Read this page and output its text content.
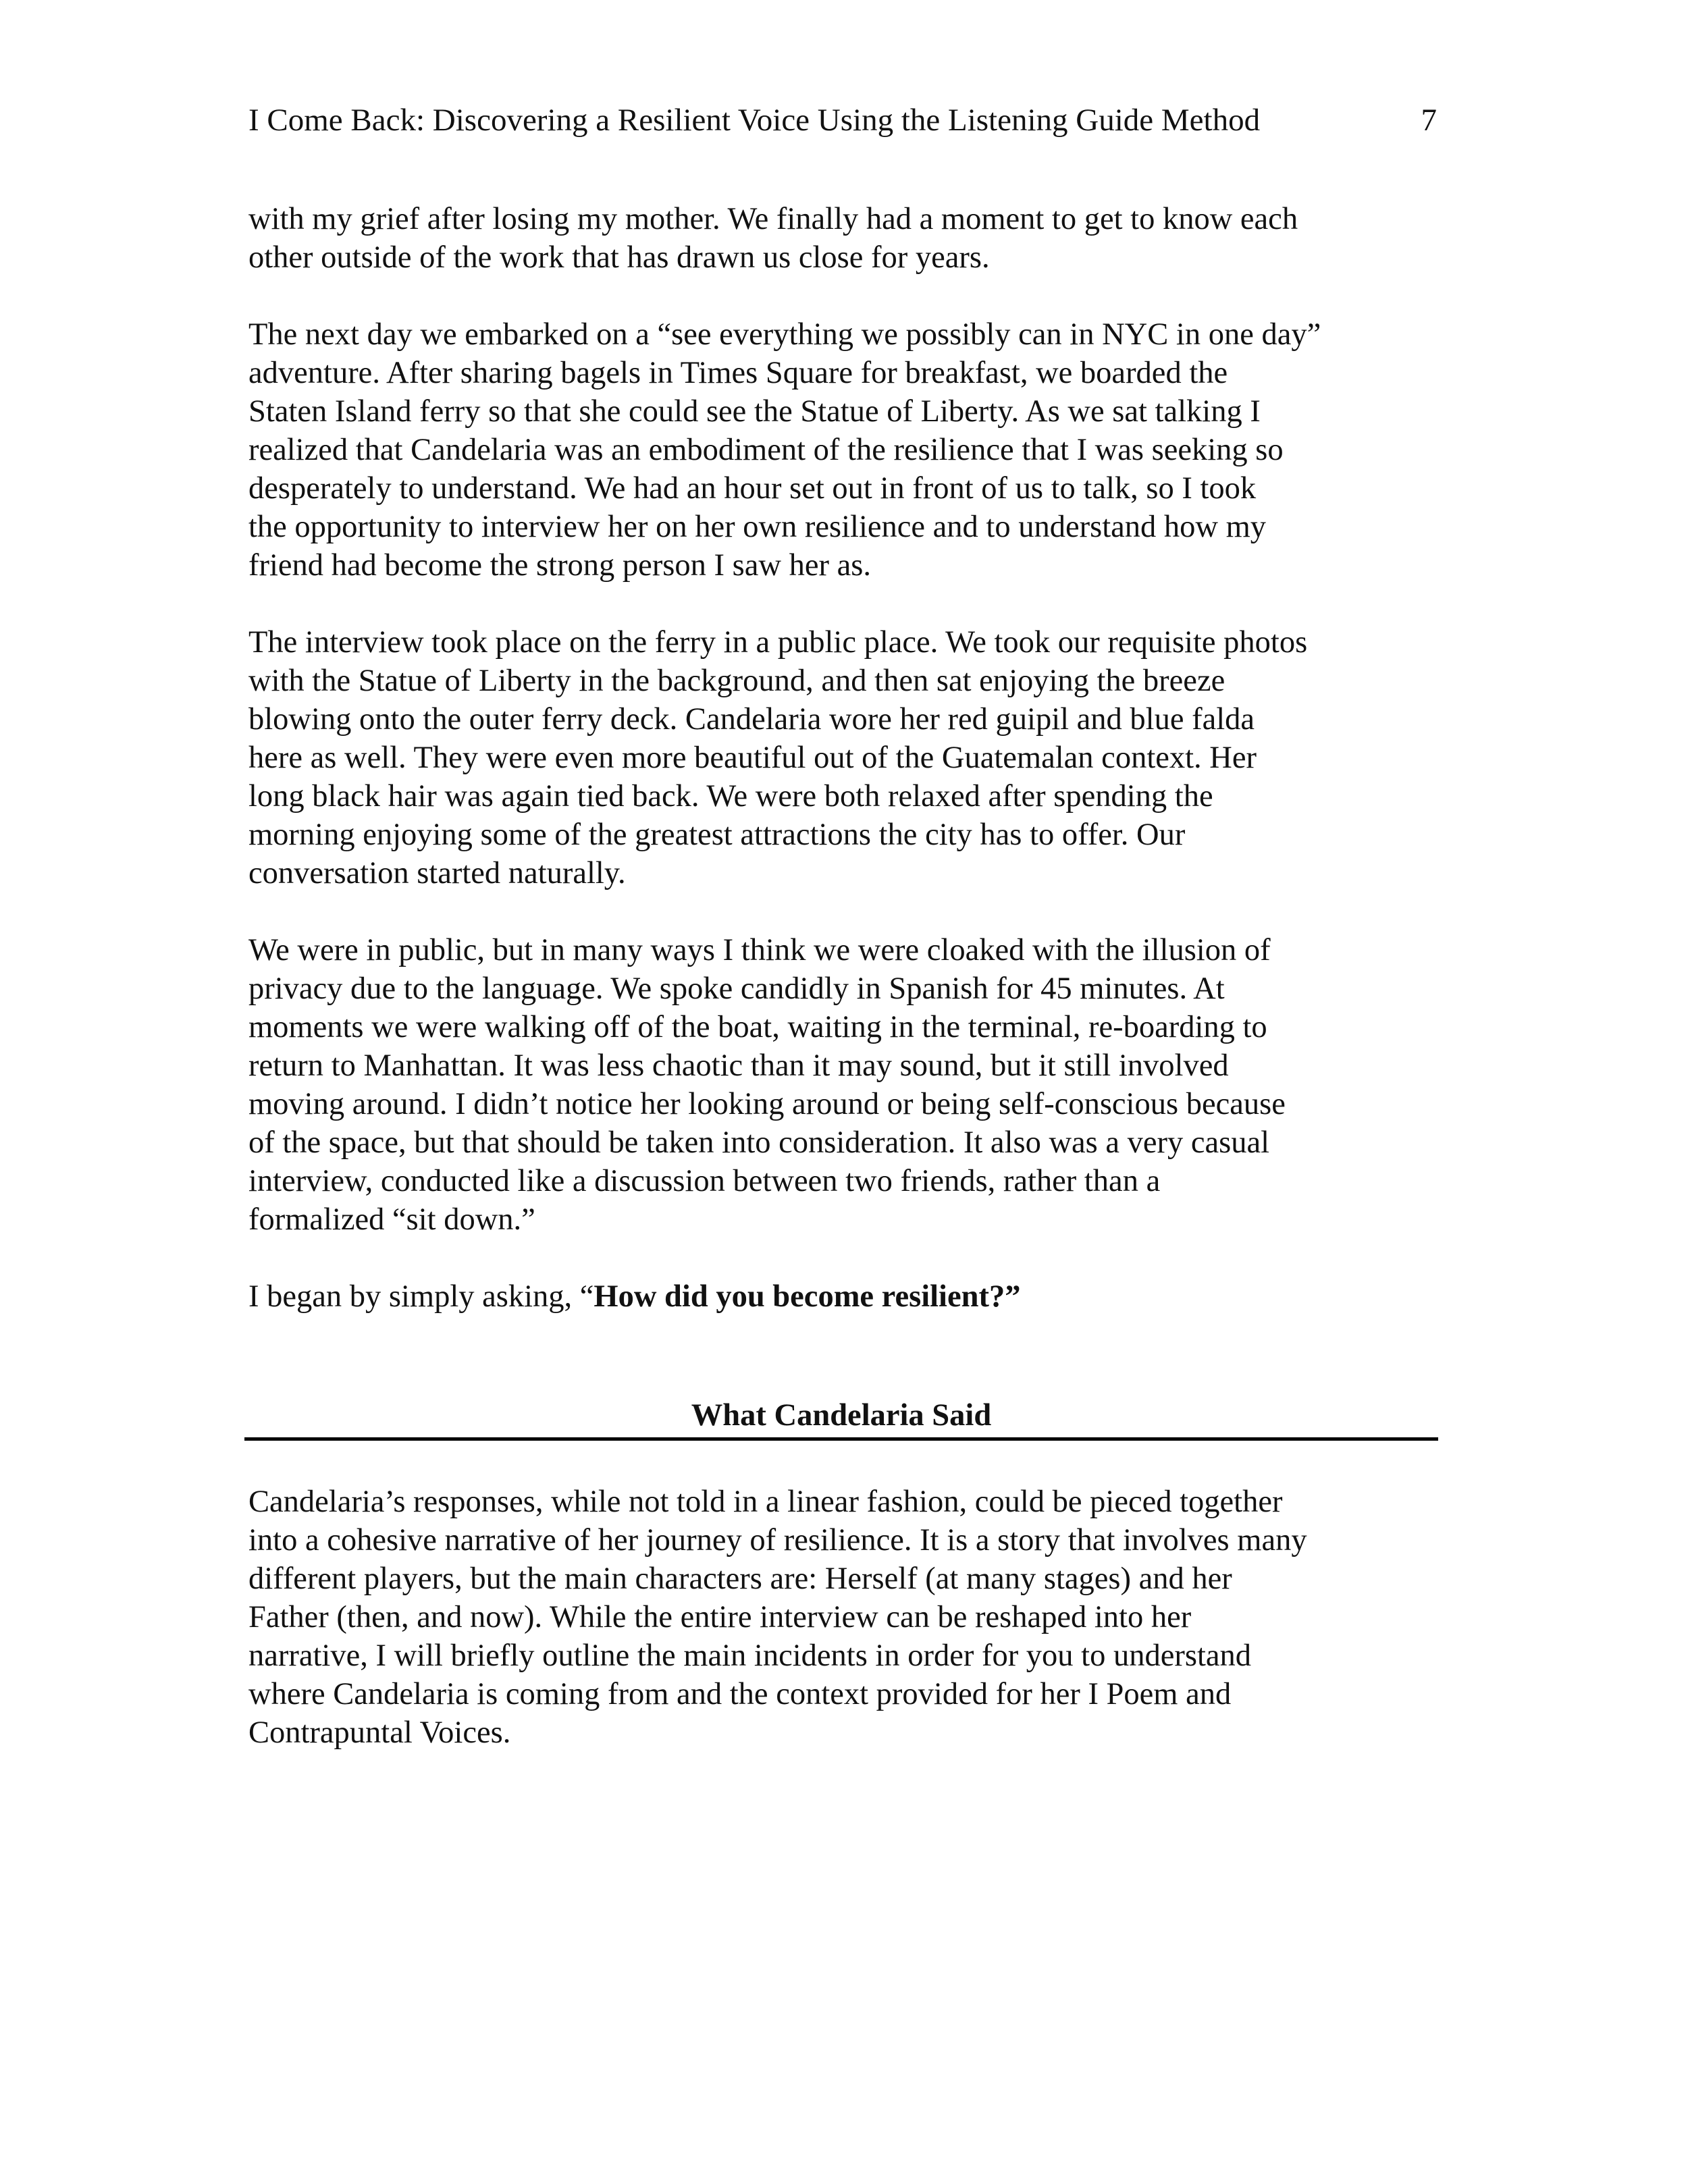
I Come Back: Discovering a Resilient Voice Using the Listening Guide Method	7

with my grief after losing my mother. We finally had a moment to get to know each
other outside of the work that has drawn us close for years.

The next day we embarked on a “see everything we possibly can in NYC in one day”
adventure. After sharing bagels in Times Square for breakfast, we boarded the
Staten Island ferry so that she could see the Statue of Liberty. As we sat talking I
realized that Candelaria was an embodiment of the resilience that I was seeking so
desperately to understand. We had an hour set out in front of us to talk, so I took
the opportunity to interview her on her own resilience and to understand how my
friend had become the strong person I saw her as.

The interview took place on the ferry in a public place. We took our requisite photos
with the Statue of Liberty in the background, and then sat enjoying the breeze
blowing onto the outer ferry deck. Candelaria wore her red guipil and blue falda
here as well. They were even more beautiful out of the Guatemalan context. Her
long black hair was again tied back. We were both relaxed after spending the
morning enjoying some of the greatest attractions the city has to offer. Our
conversation started naturally.

We were in public, but in many ways I think we were cloaked with the illusion of
privacy due to the language. We spoke candidly in Spanish for 45 minutes. At
moments we were walking off of the boat, waiting in the terminal, re-boarding to
return to Manhattan. It was less chaotic than it may sound, but it still involved
moving around. I didn’t notice her looking around or being self-conscious because
of the space, but that should be taken into consideration. It also was a very casual
interview, conducted like a discussion between two friends, rather than a
formalized “sit down.”

I began by simply asking, “How did you become resilient?”

What Candelaria Said

Candelaria’s responses, while not told in a linear fashion, could be pieced together
into a cohesive narrative of her journey of resilience. It is a story that involves many
different players, but the main characters are: Herself (at many stages) and her
Father (then, and now). While the entire interview can be reshaped into her
narrative, I will briefly outline the main incidents in order for you to understand
where Candelaria is coming from and the context provided for her I Poem and
Contrapuntal Voices.
